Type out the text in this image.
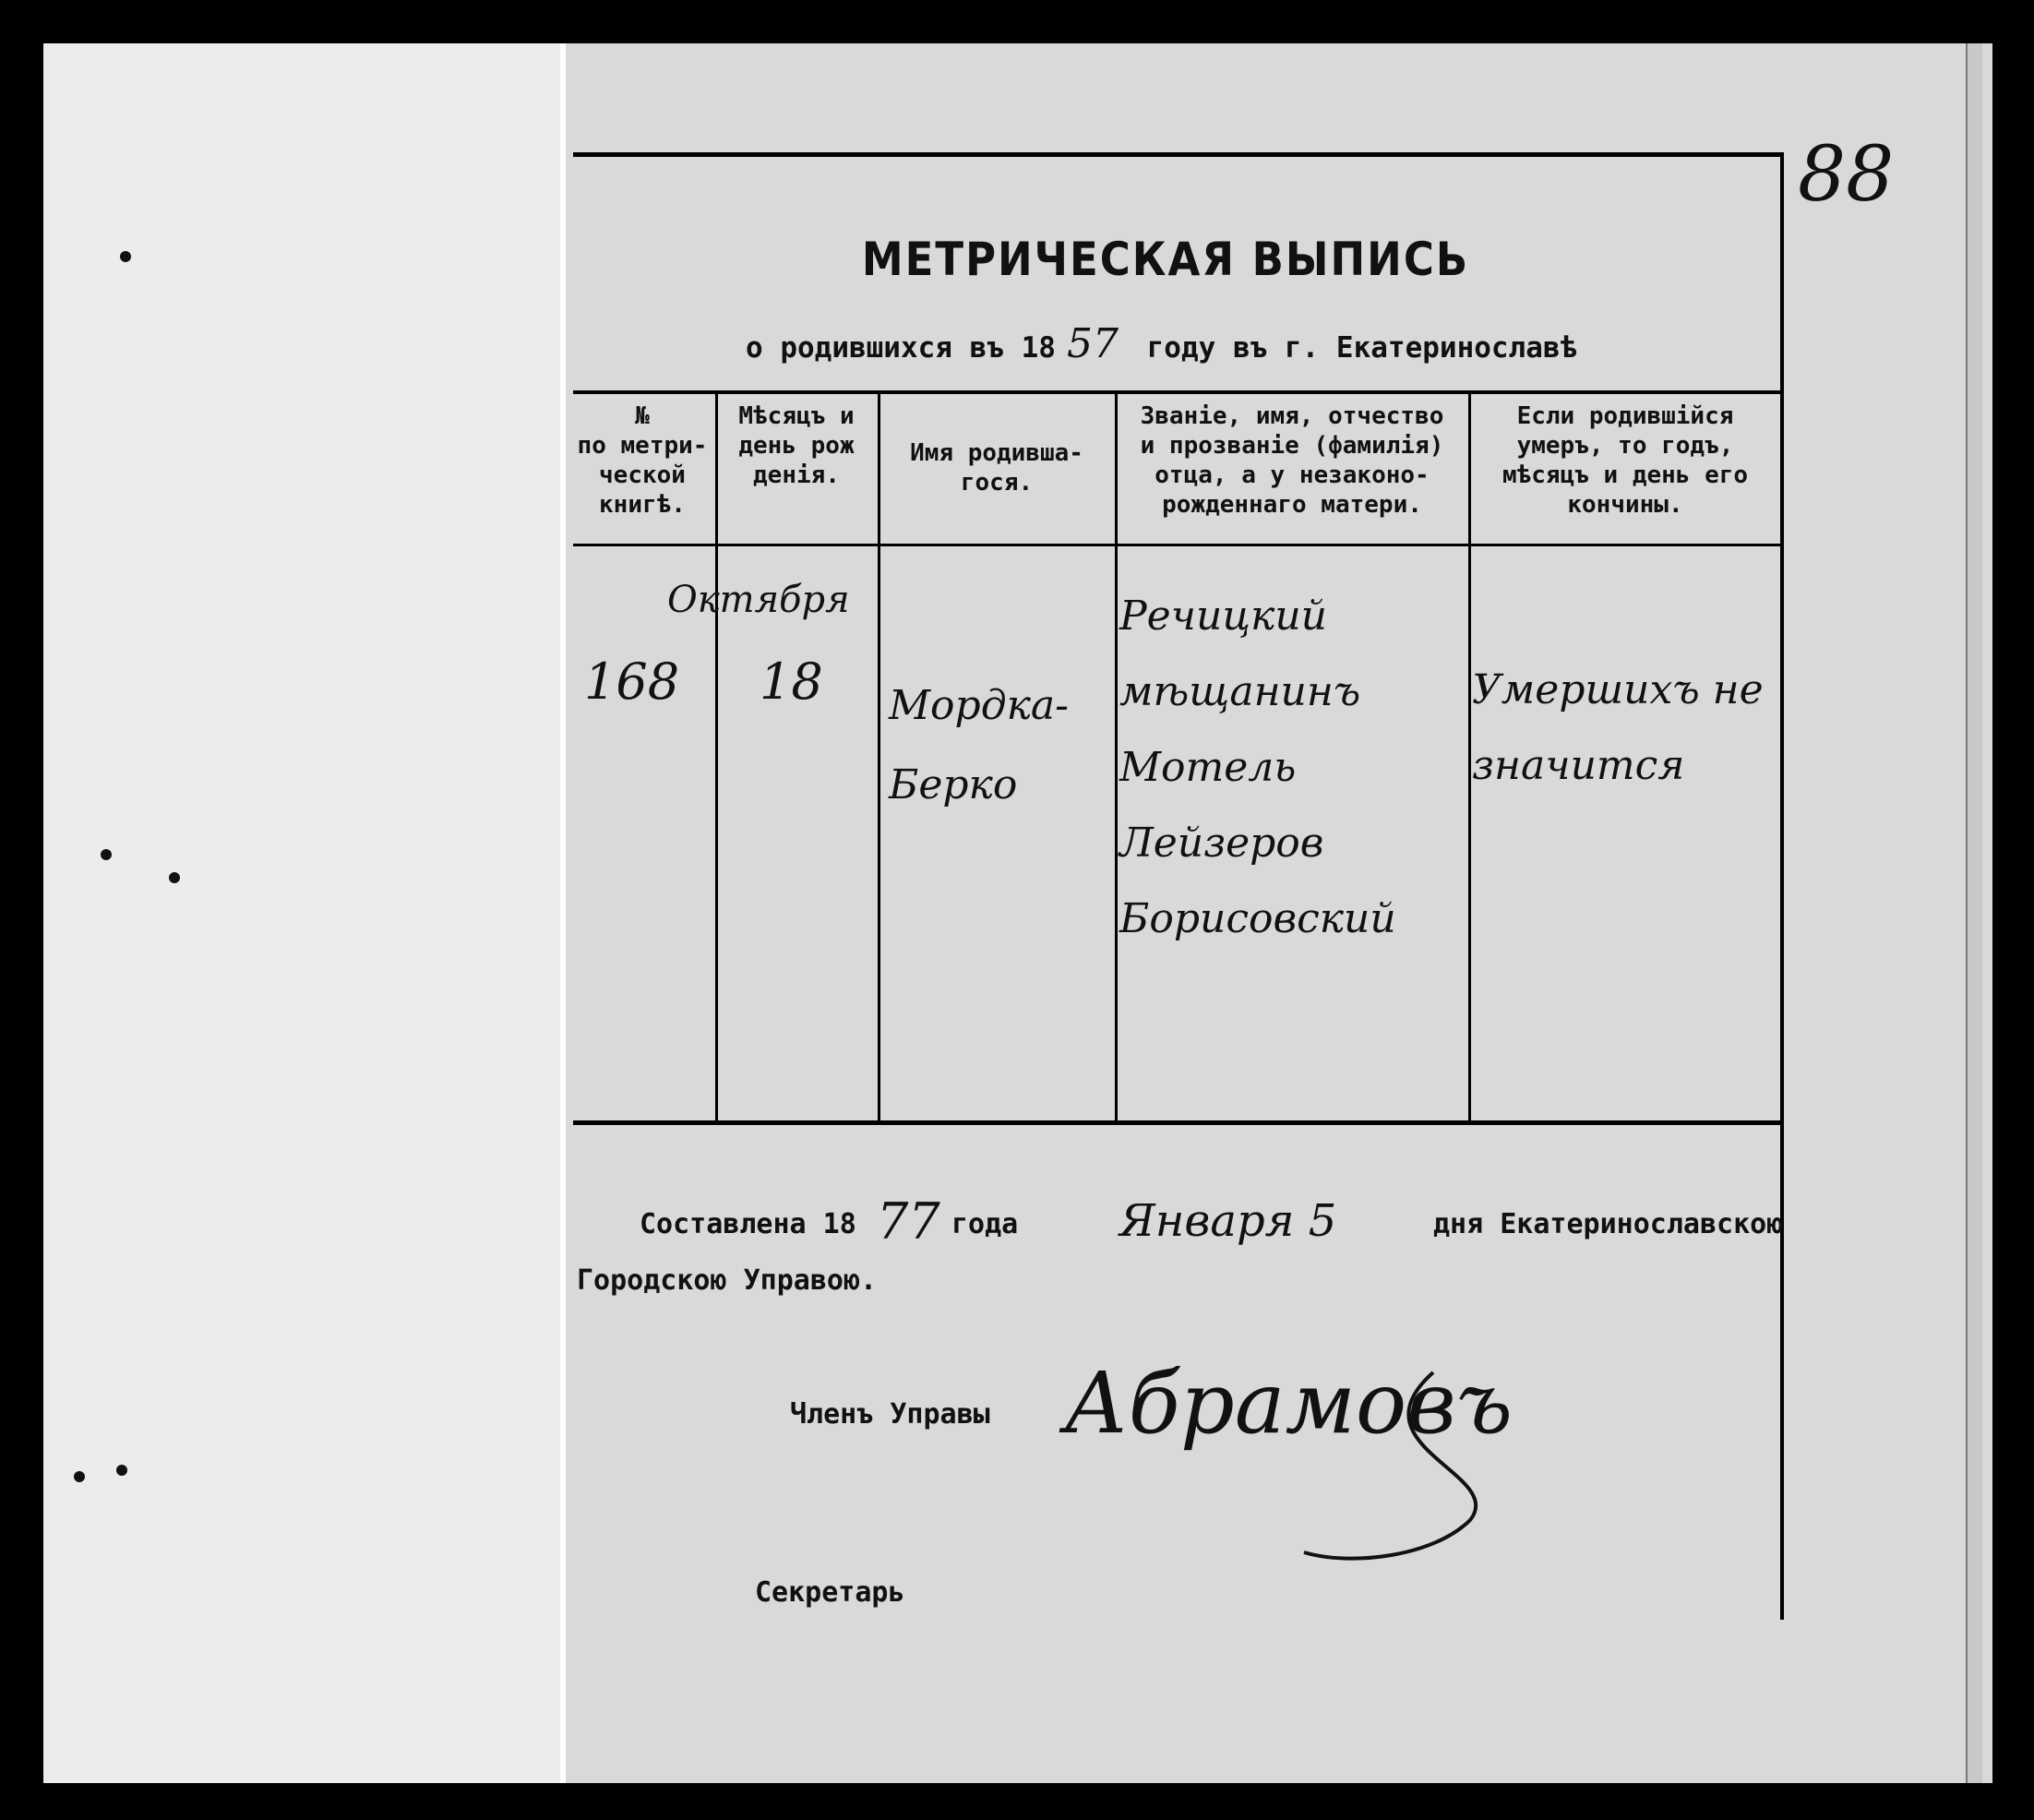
88
МЕТРИЧЕСКАЯ ВЫПИСЬ
о родившихся въ 18 57 году въ г. Екатеринославѣ
№
по метри-
ческой
книгѣ.
Мѣсяцъ и
день рож
денія.
Имя родивша-
гося.
Званіе, имя, отчество
и прозваніе (фамилія)
отца, а у незаконо-
рожденнаго матери.
Если родившійся
умеръ, то годъ,
мѣсяцъ и день его
кончины.
Октября
168 18 Мордка-Берко
Речицкий мѣщанинъ Мотель Лейзеров Борисовский
Умершихъ не значится
Составлена 18 77 года Января 5	дня Екатеринославскою
Городскою Управою.
Членъ Управы Абрамовъ
Секретарь
